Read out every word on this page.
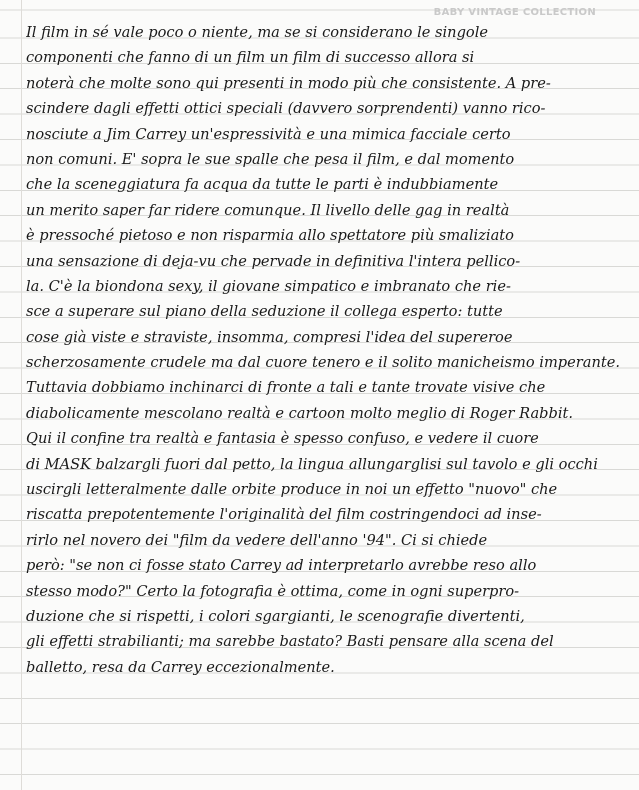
BABY VINTAGE COLLECTION
Il film in sé vale poco o niente, ma se si considerano le singole
componenti che fanno di un film un film di successo allora si
noterà che molte sono qui presenti in modo più che consistente. A pre-
scindere dagli effetti ottici speciali (davvero sorprendenti) vanno rico-
nosciute a Jim Carrey un'espressività e una mimica facciale certo
non comuni. E' sopra le sue spalle che pesa il film, e dal momento
che la sceneggiatura fa acqua da tutte le parti è indubbiamente
un merito saper far ridere comunque. Il livello delle gag in realtà
è pressoché pietoso e non risparmia allo spettatore più smaliziato
una sensazione di deja-vu che pervade in definitiva l'intera pellico-
la. C'è la biondona sexy, il giovane simpatico e imbranato che rie-
sce a superare sul piano della seduzione il collega esperto: tutte
cose già viste e straviste, insomma, compresi l'idea del supereroe
scherzosamente crudele ma dal cuore tenero e il solito manicheismo imperante.
Tuttavia dobbiamo inchinarci di fronte a tali e tante trovate visive che
diabolicamente mescolano realtà e cartoon molto meglio di Roger Rabbit.
Qui il confine tra realtà e fantasia è spesso confuso, e vedere il cuore
di MASK balzargli fuori dal petto, la lingua allungarglisi sul tavolo e gli occhi
uscirgli letteralmente dalle orbite produce in noi un effetto "nuovo" che
riscatta prepotentemente l'originalità del film costringendoci ad inse-
rirlo nel novero dei "film da vedere dell'anno '94". Ci si chiede
però: "se non ci fosse stato Carrey ad interpretarlo avrebbe reso allo
stesso modo?" Certo la fotografia è ottima, come in ogni superpro-
duzione che si rispetti, i colori sgargianti, le scenografie divertenti,
gli effetti strabilianti; ma sarebbe bastato? Basti pensare alla scena del
balletto, resa da Carrey eccezionalmente.
